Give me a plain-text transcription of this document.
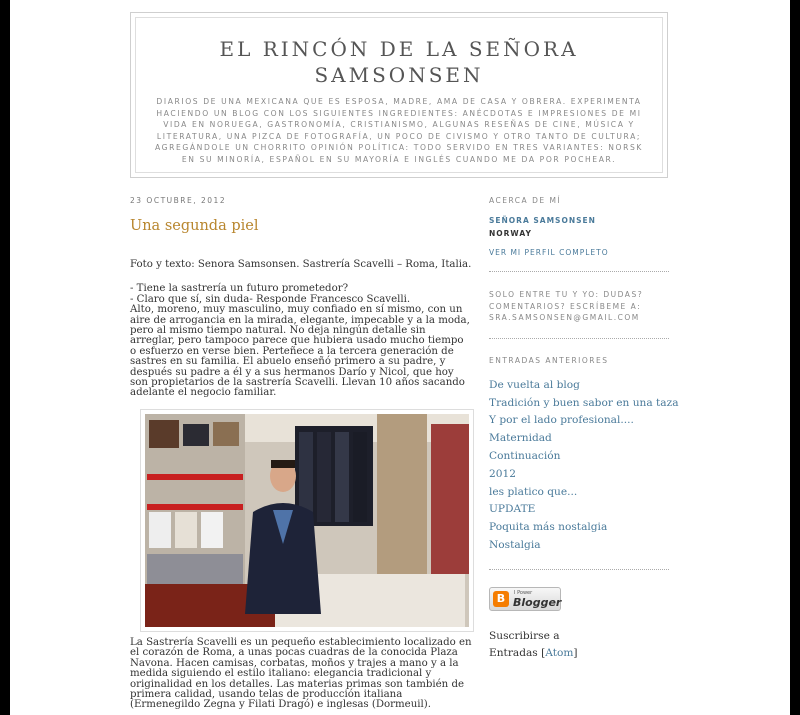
EL RINCÓN DE LA SEÑORA SAMSONSEN
DIARIOS DE UNA MEXICANA QUE ES ESPOSA, MADRE, AMA DE CASA Y OBRERA. EXPERIMENTA HACIENDO UN BLOG CON LOS SIGUIENTES INGREDIENTES: ANÉCDOTAS E IMPRESIONES DE MI VIDA EN NORUEGA, GASTRONOMÍA, CRISTIANISMO, ALGUNAS RESEÑAS DE CINE, MÚSICA Y LITERATURA, UNA PIZCA DE FOTOGRAFÍA, UN POCO DE CIVISMO Y OTRO TANTO DE CULTURA; AGREGÁNDOLE UN CHORRITO OPINIÓN POLÍTICA: TODO SERVIDO EN TRES VARIANTES: NORSK EN SU MINORÍA, ESPAÑOL EN SU MAYORÍA E INGLÉS CUANDO ME DA POR POCHEAR.
23 OCTUBRE, 2012
Una segunda piel

Foto y texto: Senora Samsonsen. Sastrería Scavelli – Roma, Italia.

- Tiene la sastrería un futuro prometedor?

- Claro que sí, sin duda- Responde Francesco Scavelli.

Alto, moreno, muy masculino, muy confiado en sí mismo, con un aire de arrogancia en la mirada, elegante, impecable y a la moda, pero al mismo tiempo natural. No deja ningún detalle sin arreglar, pero tampoco parece que hubiera usado mucho tiempo o esfuerzo en verse bien. Perteñece a la tercera generación de sastres en su familia. El abuelo enseñó primero a su padre, y después su padre a él y a sus hermanos Darío y Nicol, que hoy son propietarios de la sastrería Scavelli. Llevan 10 años sacando adelante el negocio familiar.

La Sastrería Scavelli es un pequeño establecimiento localizado en el corazón de Roma, a unas pocas cuadras de la conocida Plaza Navona. Hacen camisas, corbatas, moños y trajes a mano y a la medida siguiendo el estilo italiano: elegancia tradicional y originalidad en los detalles. Las materias primas son también de primera calidad, usando telas de producción italiana (Ermenegildo Zegna y Filati Dragó) e inglesas (Dormeuil).

ACERCA DE MÍ
SEÑORA SAMSONSEN
NORWAY
VER MI PERFIL COMPLETO
SOLO ENTRE TU Y YO: DUDAS? COMENTARIOS? ESCRÍBEME A: SRA.SAMSONSEN@GMAIL.COM
ENTRADAS ANTERIORES
De vuelta al blog
Tradición y buen sabor en una taza
Y por el lado profesional....
Maternidad
Continuación
2012
les platico que...
UPDATE
Poquita más nostalgia
Nostalgia
B	I Power
Blogger
Suscribirse a
Entradas [Atom]
